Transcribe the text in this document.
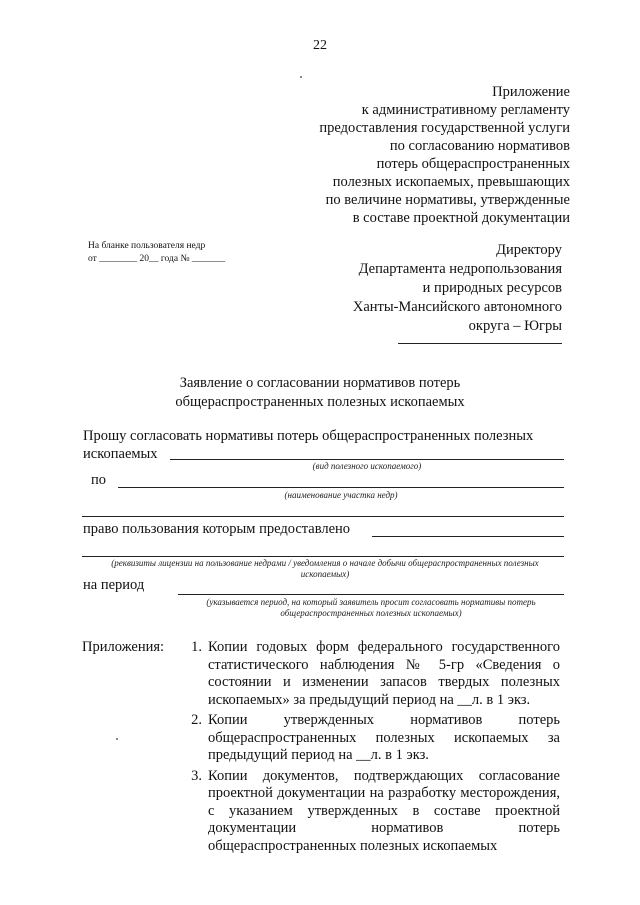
22
Приложение
к административному регламенту
предоставления государственной услуги
по согласованию нормативов
потерь общераспространенных
полезных ископаемых, превышающих
по величине нормативы, утвержденные
в составе проектной документации
На бланке пользователя недр
от ________ 20__ года № _______
Директору
Департамента недропользования
и природных ресурсов
Ханты-Мансийского автономного
округа – Югры
Заявление о согласовании нормативов потерь
общераспространенных полезных ископаемых
Прошу согласовать нормативы потерь общераспространенных полезных
ископаемых
(вид полезного ископаемого)
по
(наименование участка недр)
право пользования которым предоставлено
(реквизиты лицензии на пользование недрами / уведомления о начале добычи общераспространенных полезных ископаемых)
на период
(указывается период, на который заявитель просит согласовать нормативы потерь общераспространенных полезных ископаемых)
Приложения:	1. Копии годовых форм федерального государственного статистического наблюдения № 5-гр «Сведения о состоянии и изменении запасов твердых полезных ископаемых» за предыдущий период на __л. в 1 экз.
2. Копии утвержденных нормативов потерь общераспространенных полезных ископаемых за предыдущий период на __л. в 1 экз.
3. Копии документов, подтверждающих согласование проектной документации на разработку месторождения, с указанием утвержденных в составе проектной документации нормативов потерь общераспространенных полезных ископаемых
